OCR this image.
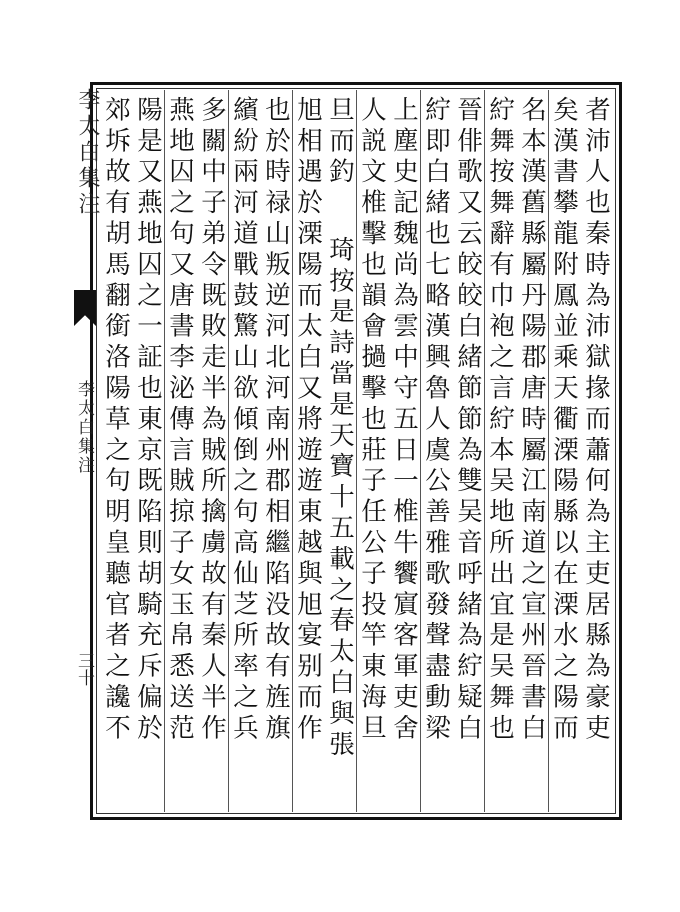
李太白集注
李太白集注
三十	者沛人也秦時為沛獄掾而蕭何為主吏居縣為豪吏
矣漢書攀龍附鳳並乘天衢溧陽縣以在溧水之陽而
名本漢舊縣屬丹陽郡唐時屬江南道之宣州晉書白
紵舞按舞辭有巾袍之言紵本吴地所出宜是吴舞也
晉俳歌又云皎皎白緒節節為雙吴音呼緒為紵疑白
紵即白緒也七略漢興魯人虞公善雅歌發聲盡動梁
上塵史記魏尚為雲中守五日一椎牛饗賔客軍吏舍
人説文椎擊也韻會撾擊也莊子任公子投竿東海旦
旦而釣
琦按是詩當是天寶十五載之春太白與張
旭相遇於溧陽而太白又將遊遊東越與旭宴别而作
也於時禄山叛逆河北河南州郡相繼陷没故有旌旗
繽紛兩河道戰鼓驚山欲傾倒之句高仙芝所率之兵
多關中子弟令既敗走半為賊所擒虜故有秦人半作
燕地囚之句又唐書李泌傳言賊掠子女玉帛悉送范
陽是又燕地囚之一証也東京既陷則胡騎充斥偏於
郊坼故有胡馬翻銜洛陽草之句明皇聽官者之讒不
